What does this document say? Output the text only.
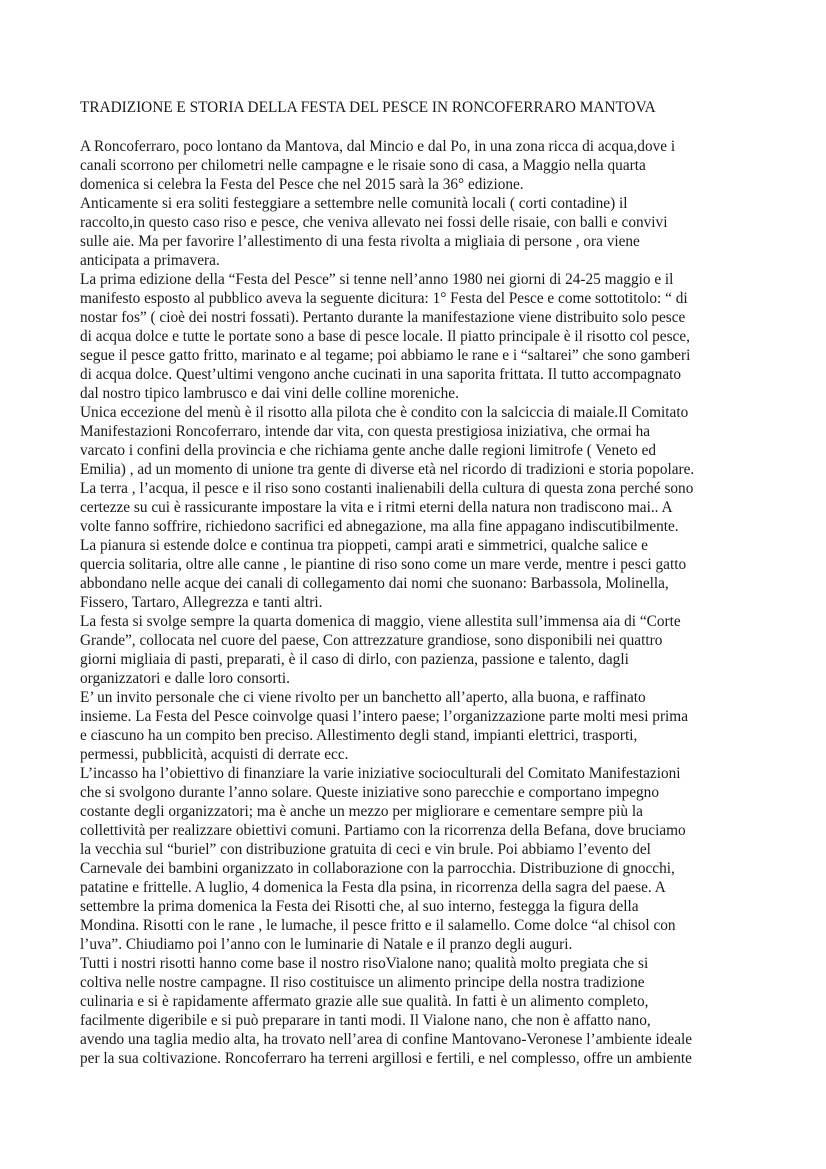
TRADIZIONE E STORIA DELLA FESTA DEL PESCE IN RONCOFERRARO MANTOVA
A Roncoferraro, poco lontano da Mantova, dal Mincio e dal Po, in una zona ricca di acqua,dove i
canali scorrono per chilometri nelle campagne e le risaie sono di casa, a Maggio nella quarta
domenica si celebra la Festa del Pesce che nel 2015 sarà la 36° edizione.
Anticamente si era soliti festeggiare a settembre nelle comunità locali ( corti contadine) il
raccolto,in questo caso riso e pesce, che veniva allevato nei fossi delle risaie, con balli e convivi
sulle aie. Ma per favorire l’allestimento di una festa rivolta a migliaia di persone , ora viene
anticipata a primavera.
La prima edizione della “Festa del Pesce” si tenne nell’anno 1980 nei giorni di 24-25 maggio e il
manifesto esposto al pubblico aveva la seguente dicitura: 1° Festa del Pesce e come sottotitolo: “ di
nostar fos” ( cioè dei nostri fossati). Pertanto durante la manifestazione viene distribuito solo pesce
di acqua dolce e tutte le portate sono a base di pesce locale. Il piatto principale è il risotto col pesce,
segue il pesce gatto fritto, marinato e al tegame; poi abbiamo le rane e i “saltarei” che sono gamberi
di acqua dolce. Quest’ultimi vengono anche cucinati in una saporita frittata. Il tutto accompagnato
dal nostro tipico lambrusco e dai vini delle colline moreniche.
Unica eccezione del menù è il risotto alla pilota che è condito con la salciccia di maiale.Il Comitato
Manifestazioni Roncoferraro, intende dar vita, con questa prestigiosa iniziativa, che ormai ha
varcato i confini della provincia e che richiama gente anche dalle regioni limitrofe ( Veneto ed
Emilia) , ad un momento di unione tra gente di diverse età nel ricordo di tradizioni e storia popolare.
La terra , l’acqua, il pesce e il riso sono costanti inalienabili della cultura di questa zona perché sono
certezze su cui è rassicurante impostare la vita e i ritmi eterni della natura non tradiscono mai.. A
volte fanno soffrire, richiedono sacrifici ed abnegazione, ma alla fine appagano indiscutibilmente.
La pianura si estende dolce e continua tra pioppeti, campi arati e simmetrici, qualche salice e
quercia solitaria, oltre alle canne , le piantine di riso sono come un mare verde, mentre i pesci gatto
abbondano nelle acque dei canali di collegamento dai nomi che suonano: Barbassola, Molinella,
Fissero, Tartaro, Allegrezza e tanti altri.
La festa si svolge sempre la quarta domenica di maggio, viene allestita sull’immensa aia di “Corte
Grande”, collocata nel cuore del paese, Con attrezzature grandiose, sono disponibili nei quattro
giorni migliaia di pasti, preparati, è il caso di dirlo, con pazienza, passione e talento, dagli
organizzatori e dalle loro consorti.
E’ un invito personale che ci viene rivolto per un banchetto all’aperto, alla buona, e raffinato
insieme. La Festa del Pesce coinvolge quasi l’intero paese; l’organizzazione parte molti mesi prima
e ciascuno ha un compito ben preciso. Allestimento degli stand, impianti elettrici, trasporti,
permessi, pubblicità, acquisti di derrate ecc.
L’incasso ha l’obiettivo di finanziare la varie iniziative socioculturali del Comitato Manifestazioni
che si svolgono durante l’anno solare. Queste iniziative sono parecchie e comportano impegno
costante degli organizzatori; ma è anche un mezzo per migliorare e cementare sempre più la
collettività per realizzare obiettivi comuni. Partiamo con la ricorrenza della Befana, dove bruciamo
la vecchia sul “buriel” con distribuzione gratuita di ceci e vin brule. Poi abbiamo l’evento del
Carnevale dei bambini organizzato in collaborazione con la parrocchia. Distribuzione di gnocchi,
patatine e frittelle. A luglio, 4 domenica la Festa dla psina, in ricorrenza della sagra del paese. A
settembre la prima domenica la Festa dei Risotti che, al suo interno, festegga la figura della
Mondina. Risotti con le rane , le lumache, il pesce fritto e il salamello. Come dolce “al chisol con
l’uva”. Chiudiamo poi l’anno con le luminarie di Natale e il pranzo degli auguri.
Tutti i nostri risotti hanno come base il nostro risoVialone nano; qualità molto pregiata che si
coltiva nelle nostre campagne. Il riso costituisce un alimento principe della nostra tradizione
culinaria e si è rapidamente affermato grazie alle sue qualità. In fatti è un alimento completo,
facilmente digeribile e si può preparare in tanti modi. Il Vialone nano, che non è affatto nano,
avendo una taglia medio alta, ha trovato nell’area di confine Mantovano-Veronese l’ambiente ideale
per la sua coltivazione. Roncoferraro ha terreni argillosi e fertili, e nel complesso, offre un ambiente
